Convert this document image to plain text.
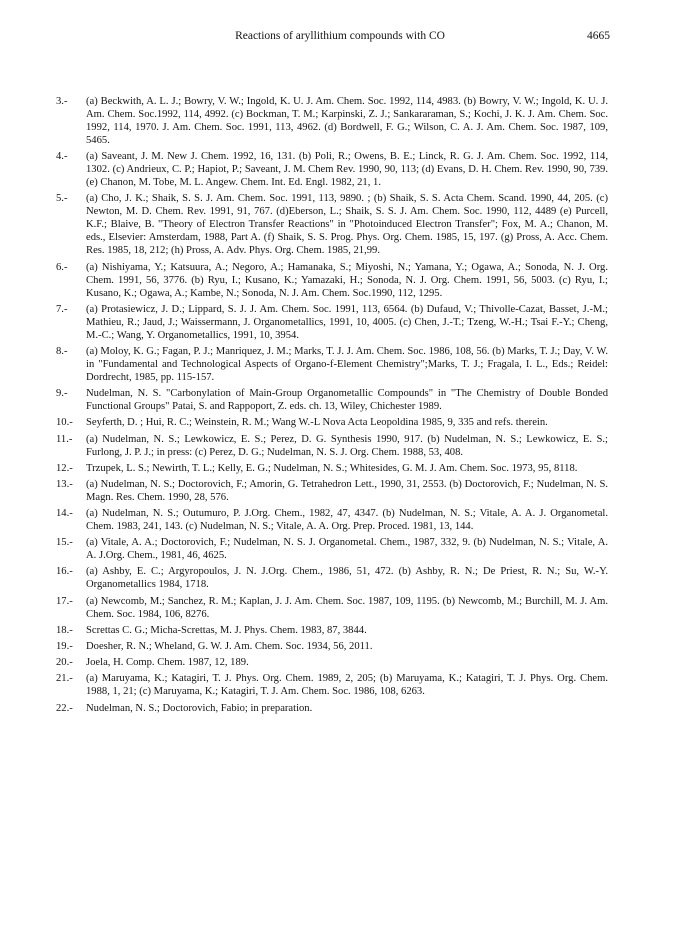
Reactions of aryllithium compounds with CO	4665
3.-	(a) Beckwith, A. L. J.; Bowry, V. W.; Ingold, K. U. J. Am. Chem. Soc. 1992, 114, 4983. (b) Bowry, V. W.; Ingold, K. U. J. Am. Chem. Soc.1992, 114, 4992. (c) Bockman, T. M.; Karpinski, Z. J.; Sankararaman, S.; Kochi, J. K. J. Am. Chem. Soc. 1992, 114, 1970. J. Am. Chem. Soc. 1991, 113, 4962. (d) Bordwell, F. G.; Wilson, C. A. J. Am. Chem. Soc. 1987, 109, 5465.
4.-	(a) Saveant, J. M. New J. Chem. 1992, 16, 131. (b) Poli, R.; Owens, B. E.; Linck, R. G. J. Am. Chem. Soc. 1992, 114, 1302. (c) Andrieux, C. P.; Hapiot, P.; Saveant, J. M. Chem Rev. 1990, 90, 113; (d) Evans, D. H. Chem. Rev. 1990, 90, 739. (e) Chanon, M. Tobe, M. L. Angew. Chem. Int. Ed. Engl. 1982, 21, 1.
5.-	(a) Cho, J. K.; Shaik, S. S. J. Am. Chem. Soc. 1991, 113, 9890. ; (b) Shaik, S. S. Acta Chem. Scand. 1990, 44, 205. (c) Newton, M. D. Chem. Rev. 1991, 91, 767. (d)Eberson, L.; Shaik, S. S. J. Am. Chem. Soc. 1990, 112, 4489 (e) Purcell, K.F.; Blaive, B. "Theory of Electron Transfer Reactions" in "Photoinduced Electron Transfer"; Fox, M. A.; Chanon, M. eds., Elsevier: Amsterdam, 1988, Part A. (f) Shaik, S. S. Prog. Phys. Org. Chem. 1985, 15, 197. (g) Pross, A. Acc. Chem. Res. 1985, 18, 212; (h) Pross, A. Adv. Phys. Org. Chem. 1985, 21,99.
6.-	(a) Nishiyama, Y.; Katsuura, A.; Negoro, A.; Hamanaka, S.; Miyoshi, N.; Yamana, Y.; Ogawa, A.; Sonoda, N. J. Org. Chem. 1991, 56, 3776. (b) Ryu, I.; Kusano, K.; Yamazaki, H.; Sonoda, N. J. Org. Chem. 1991, 56, 5003. (c) Ryu, I.; Kusano, K.; Ogawa, A.; Kambe, N.; Sonoda, N. J. Am. Chem. Soc.1990, 112, 1295.
7.-	(a) Protasiewicz, J. D.; Lippard, S. J. J. Am. Chem. Soc. 1991, 113, 6564. (b) Dufaud, V.; Thivolle-Cazat, Basset, J.-M.; Mathieu, R.; Jaud, J.; Waissermann, J. Organometallics, 1991, 10, 4005. (c) Chen, J.-T.; Tzeng, W.-H.; Tsai F.-Y.; Cheng, M.-C.; Wang, Y. Organometallics, 1991, 10, 3954.
8.-	(a) Moloy, K. G.; Fagan, P. J.; Manriquez, J. M.; Marks, T. J. J. Am. Chem. Soc. 1986, 108, 56. (b) Marks, T. J.; Day, V. W. in "Fundamental and Technological Aspects of Organo-f-Element Chemistry";Marks, T. J.; Fragala, I. L., Eds.; Reidel: Dordrecht, 1985, pp. 115-157.
9.-	Nudelman, N. S. "Carbonylation of Main-Group Organometallic Compounds" in "The Chemistry of Double Bonded Functional Groups" Patai, S. and Rappoport, Z. eds. ch. 13, Wiley, Chichester 1989.
10.-	Seyferth, D. ; Hui, R. C.; Weinstein, R. M.; Wang W.-L Nova Acta Leopoldina 1985, 9, 335 and refs. therein.
11.-	(a) Nudelman, N. S.; Lewkowicz, E. S.; Perez, D. G. Synthesis 1990, 917. (b) Nudelman, N. S.; Lewkowicz, E. S.; Furlong, J. P. J.; in press: (c) Perez, D. G.; Nudelman, N. S. J. Org. Chem. 1988, 53, 408.
12.-	Trzupek, L. S.; Newirth, T. L.; Kelly, E. G.; Nudelman, N. S.; Whitesides, G. M. J. Am. Chem. Soc. 1973, 95, 8118.
13.-	(a) Nudelman, N. S.; Doctorovich, F.; Amorin, G. Tetrahedron Lett., 1990, 31, 2553. (b) Doctorovich, F.; Nudelman, N. S. Magn. Res. Chem. 1990, 28, 576.
14.-	(a) Nudelman, N. S.; Outumuro, P. J.Org. Chem., 1982, 47, 4347. (b) Nudelman, N. S.; Vitale, A. A. J. Organometal. Chem. 1983, 241, 143. (c) Nudelman, N. S.; Vitale, A. A. Org. Prep. Proced. 1981, 13, 144.
15.-	(a) Vitale, A. A.; Doctorovich, F.; Nudelman, N. S. J. Organometal. Chem., 1987, 332, 9. (b) Nudelman, N. S.; Vitale, A. A. J.Org. Chem., 1981, 46, 4625.
16.-	(a) Ashby, E. C.; Argyropoulos, J. N. J.Org. Chem., 1986, 51, 472. (b) Ashby, R. N.; De Priest, R. N.; Su, W.-Y. Organometallics 1984, 1718.
17.-	(a) Newcomb, M.; Sanchez, R. M.; Kaplan, J. J. Am. Chem. Soc. 1987, 109, 1195. (b) Newcomb, M.; Burchill, M. J. Am. Chem. Soc. 1984, 106, 8276.
18.-	Screttas C. G.; Micha-Screttas, M. J. Phys. Chem. 1983, 87, 3844.
19.-	Doesher, R. N.; Wheland, G. W. J. Am. Chem. Soc. 1934, 56, 2011.
20.-	Joela, H. Comp. Chem. 1987, 12, 189.
21.-	(a) Maruyama, K.; Katagiri, T. J. Phys. Org. Chem. 1989, 2, 205; (b) Maruyama, K.; Katagiri, T. J. Phys. Org. Chem. 1988, 1, 21; (c) Maruyama, K.; Katagiri, T. J. Am. Chem. Soc. 1986, 108, 6263.
22.-	Nudelman, N. S.; Doctorovich, Fabio; in preparation.
